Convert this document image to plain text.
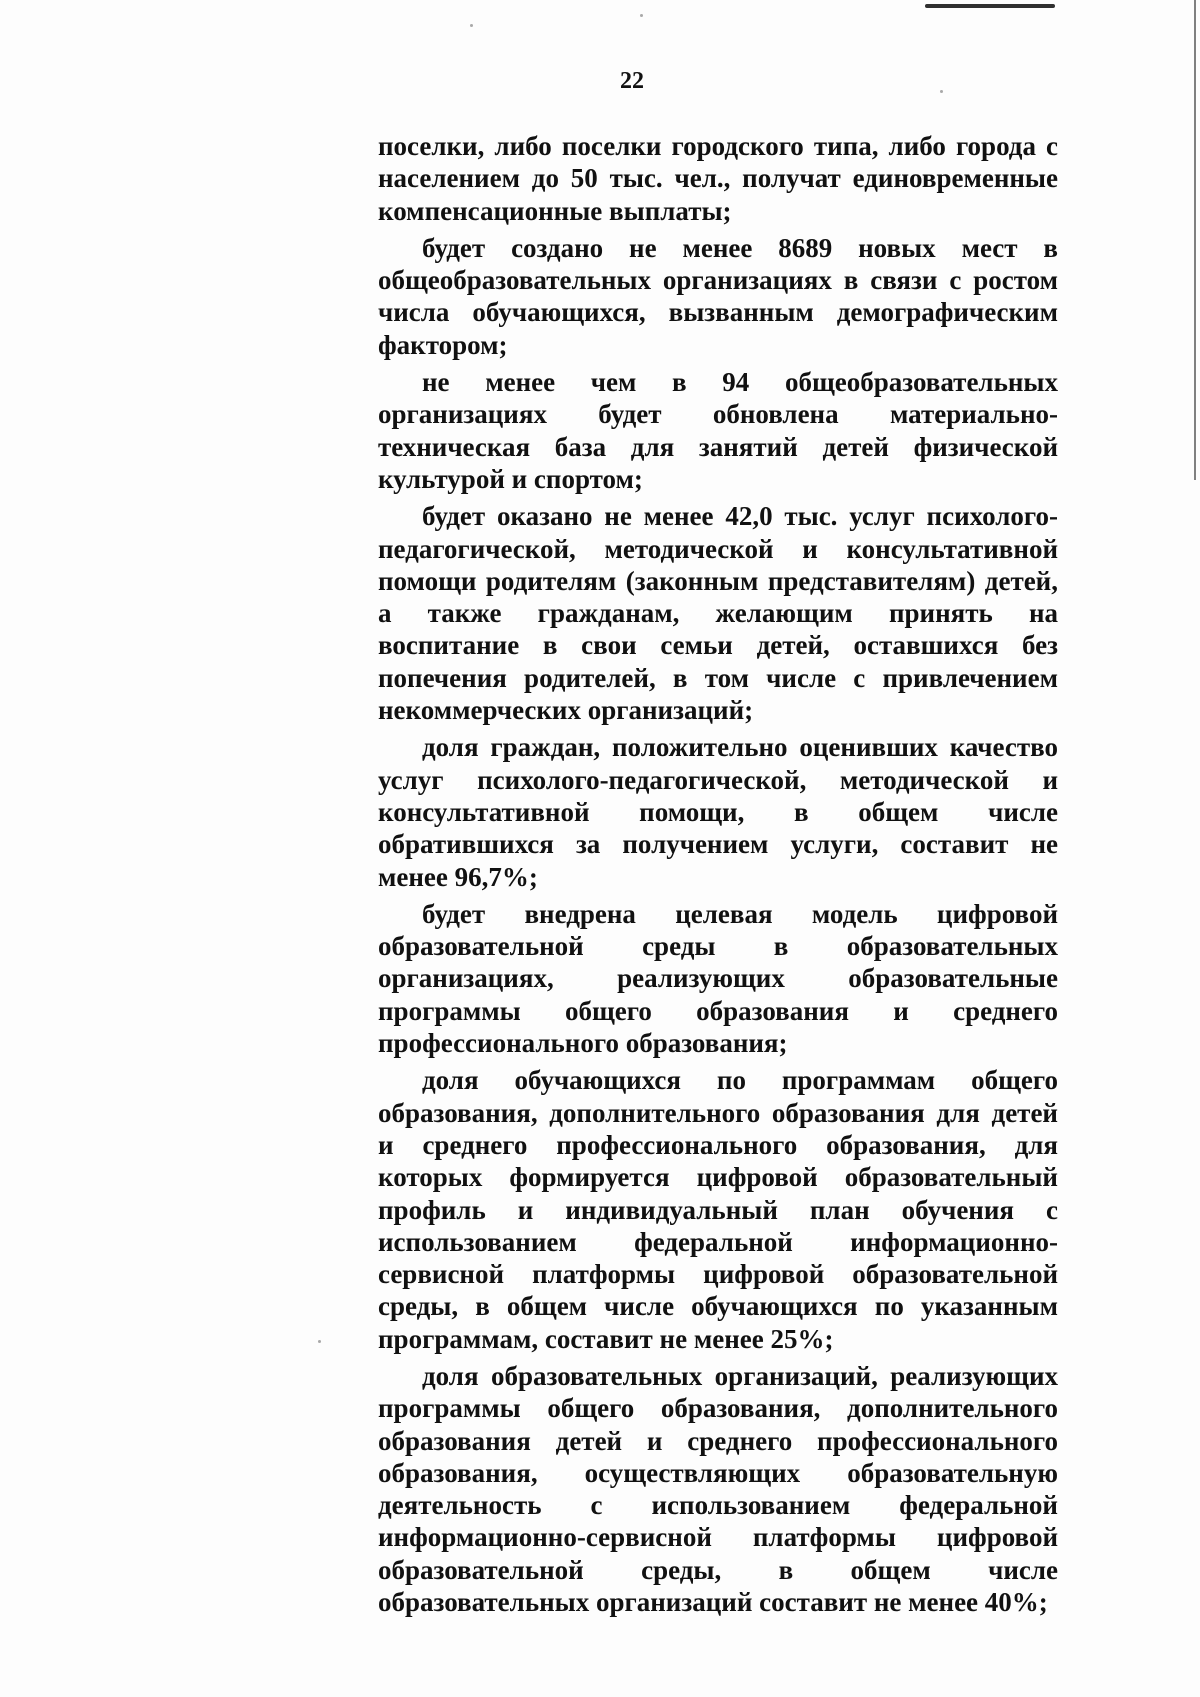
22

поселки, либо поселки городского типа, либо города с населением до 50 тыс. чел., получат единовременные компенсационные выплаты;

будет создано не менее 8689 новых мест в общеобразовательных организациях в связи с ростом числа обучающихся, вызванным демографическим фактором;

не менее чем в 94 общеобразовательных организациях будет обновлена материально-техническая база для занятий детей физической культурой и спортом;

будет оказано не менее 42,0 тыс. услуг психолого-педагогической, методической и консультативной помощи родителям (законным представителям) детей, а также гражданам, желающим принять на воспитание в свои семьи детей, оставшихся без попечения родителей, в том числе с привлечением некоммерческих организаций;

доля граждан, положительно оценивших качество услуг психолого-педагогической, методической и консультативной помощи, в общем числе обратившихся за получением услуги, составит не менее 96,7%;

будет внедрена целевая модель цифровой образовательной среды в образовательных организациях, реализующих образовательные программы общего образования и среднего профессионального образования;

доля обучающихся по программам общего образования, дополнительного образования для детей и среднего профессионального образования, для которых формируется цифровой образовательный профиль и индивидуальный план обучения с использованием федеральной информационно-сервисной платформы цифровой образовательной среды, в общем числе обучающихся по указанным программам, составит не менее 25%;

доля образовательных организаций, реализующих программы общего образования, дополнительного образования детей и среднего профессионального образования, осуществляющих образовательную деятельность с использованием федеральной информационно-сервисной платформы цифровой образовательной среды, в общем числе образовательных организаций составит не менее 40%;
